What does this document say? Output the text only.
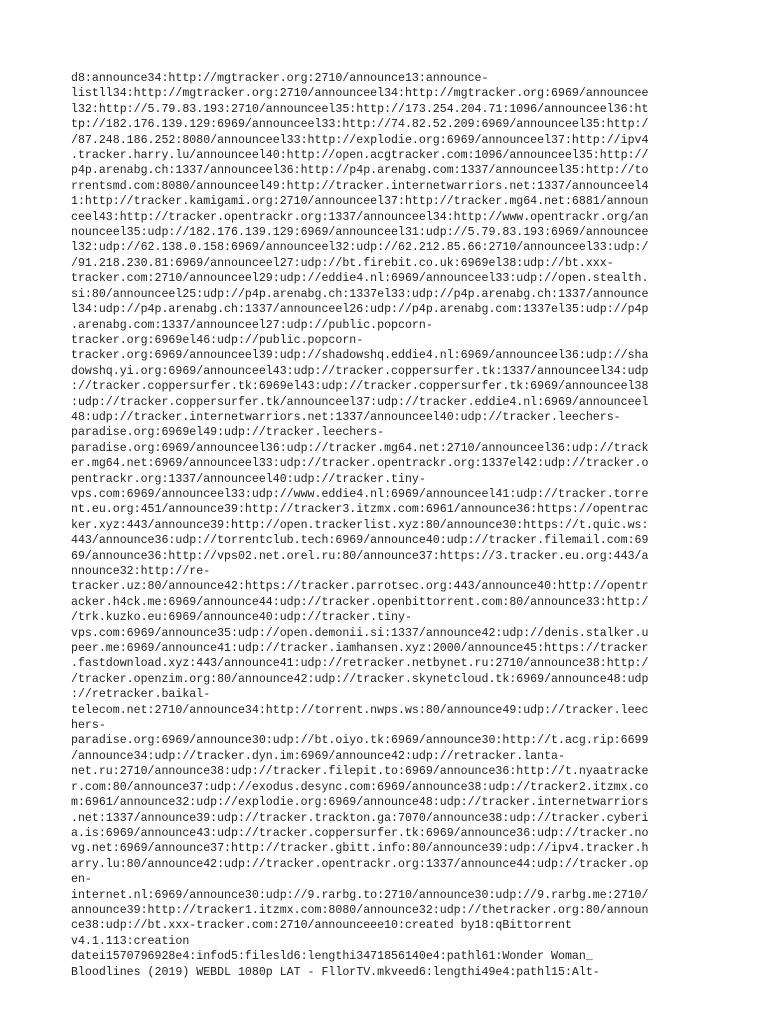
d8:announce34:http://mgtracker.org:2710/announce13:announce-
listll34:http://mgtracker.org:2710/announceel34:http://mgtracker.org:6969/announcee
l32:http://5.79.83.193:2710/announceel35:http://173.254.204.71:1096/announceel36:ht
tp://182.176.139.129:6969/announceel33:http://74.82.52.209:6969/announceel35:http:/
/87.248.186.252:8080/announceel33:http://explodie.org:6969/announceel37:http://ipv4
.tracker.harry.lu/announceel40:http://open.acgtracker.com:1096/announceel35:http://
p4p.arenabg.ch:1337/announceel36:http://p4p.arenabg.com:1337/announceel35:http://to
rrentsmd.com:8080/announceel49:http://tracker.internetwarriors.net:1337/announceel4
1:http://tracker.kamigami.org:2710/announceel37:http://tracker.mg64.net:6881/announ
ceel43:http://tracker.opentrackr.org:1337/announceel34:http://www.opentrackr.org/an
nounceel35:udp://182.176.139.129:6969/announceel31:udp://5.79.83.193:6969/announcee
l32:udp://62.138.0.158:6969/announceel32:udp://62.212.85.66:2710/announceel33:udp:/
/91.218.230.81:6969/announceel27:udp://bt.firebit.co.uk:6969el38:udp://bt.xxx-
tracker.com:2710/announceel29:udp://eddie4.nl:6969/announceel33:udp://open.stealth.
si:80/announceel25:udp://p4p.arenabg.ch:1337el33:udp://p4p.arenabg.ch:1337/announce
l34:udp://p4p.arenabg.ch:1337/announceel26:udp://p4p.arenabg.com:1337el35:udp://p4p
.arenabg.com:1337/announceel27:udp://public.popcorn-
tracker.org:6969el46:udp://public.popcorn-
tracker.org:6969/announceel39:udp://shadowshq.eddie4.nl:6969/announceel36:udp://sha
dowshq.yi.org:6969/announceel43:udp://tracker.coppersurfer.tk:1337/announceel34:udp
://tracker.coppersurfer.tk:6969el43:udp://tracker.coppersurfer.tk:6969/announceel38
:udp://tracker.coppersurfer.tk/announceel37:udp://tracker.eddie4.nl:6969/announceel
48:udp://tracker.internetwarriors.net:1337/announceel40:udp://tracker.leechers-
paradise.org:6969el49:udp://tracker.leechers-
paradise.org:6969/announceel36:udp://tracker.mg64.net:2710/announceel36:udp://track
er.mg64.net:6969/announceel33:udp://tracker.opentrackr.org:1337el42:udp://tracker.o
pentrackr.org:1337/announceel40:udp://tracker.tiny-
vps.com:6969/announceel33:udp://www.eddie4.nl:6969/announceel41:udp://tracker.torre
nt.eu.org:451/announce39:http://tracker3.itzmx.com:6961/announce36:https://opentrac
ker.xyz:443/announce39:http://open.trackerlist.xyz:80/announce30:https://t.quic.ws:
443/announce36:udp://torrentclub.tech:6969/announce40:udp://tracker.filemail.com:69
69/announce36:http://vps02.net.orel.ru:80/announce37:https://3.tracker.eu.org:443/a
nnounce32:http://re-
tracker.uz:80/announce42:https://tracker.parrotsec.org:443/announce40:http://opentr
acker.h4ck.me:6969/announce44:udp://tracker.openbittorrent.com:80/announce33:http:/
/trk.kuzko.eu:6969/announce40:udp://tracker.tiny-
vps.com:6969/announce35:udp://open.demonii.si:1337/announce42:udp://denis.stalker.u
peer.me:6969/announce41:udp://tracker.iamhansen.xyz:2000/announce45:https://tracker
.fastdownload.xyz:443/announce41:udp://retracker.netbynet.ru:2710/announce38:http:/
/tracker.openzim.org:80/announce42:udp://tracker.skynetcloud.tk:6969/announce48:udp
://retracker.baikal-
telecom.net:2710/announce34:http://torrent.nwps.ws:80/announce49:udp://tracker.leec
hers-
paradise.org:6969/announce30:udp://bt.oiyo.tk:6969/announce30:http://t.acg.rip:6699
/announce34:udp://tracker.dyn.im:6969/announce42:udp://retracker.lanta-
net.ru:2710/announce38:udp://tracker.filepit.to:6969/announce36:http://t.nyaatracke
r.com:80/announce37:udp://exodus.desync.com:6969/announce38:udp://tracker2.itzmx.co
m:6961/announce32:udp://explodie.org:6969/announce48:udp://tracker.internetwarriors
.net:1337/announce39:udp://tracker.trackton.ga:7070/announce38:udp://tracker.cyberi
a.is:6969/announce43:udp://tracker.coppersurfer.tk:6969/announce36:udp://tracker.no
vg.net:6969/announce37:http://tracker.gbitt.info:80/announce39:udp://ipv4.tracker.h
arry.lu:80/announce42:udp://tracker.opentrackr.org:1337/announce44:udp://tracker.op
en-
internet.nl:6969/announce30:udp://9.rarbg.to:2710/announce30:udp://9.rarbg.me:2710/
announce39:http://tracker1.itzmx.com:8080/announce32:udp://thetracker.org:80/announ
ce38:udp://bt.xxx-tracker.com:2710/announceee10:created by18:qBittorrent
v4.1.113:creation
datei1570796928e4:infod5:filesld6:lengthi3471856140e4:pathl61:Wonder Woman_
Bloodlines (2019) WEBDL 1080p LAT - FllorTV.mkveed6:lengthi49e4:pathl15:Alt-
